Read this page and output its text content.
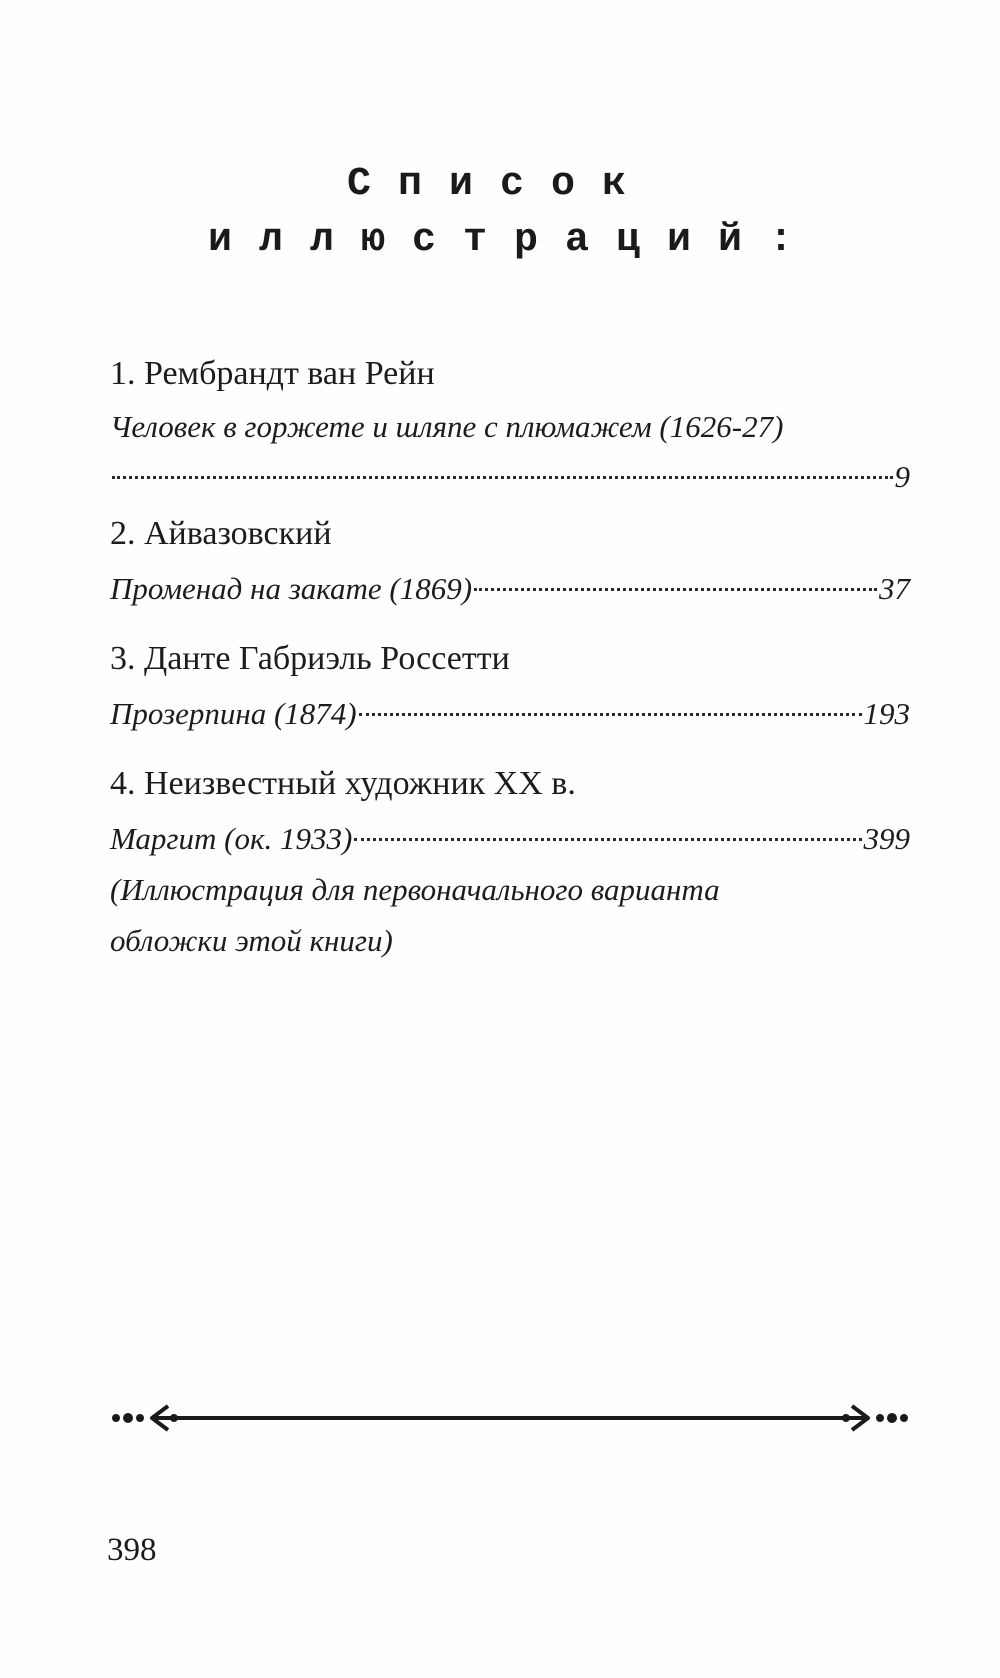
Список
иллюстраций:
1. Рембрандт ван Рейн
Человек в горжете и шляпе с плюмажем (1626-27)
9
2. Айвазовский
Променад на закате (1869)	37
3. Данте Габриэль Россетти
Прозерпина (1874)	193
4. Неизвестный художник XX в.
Маргит (ок. 1933)	399
(Иллюстрация для первоначального варианта
обложки этой книги)
398
